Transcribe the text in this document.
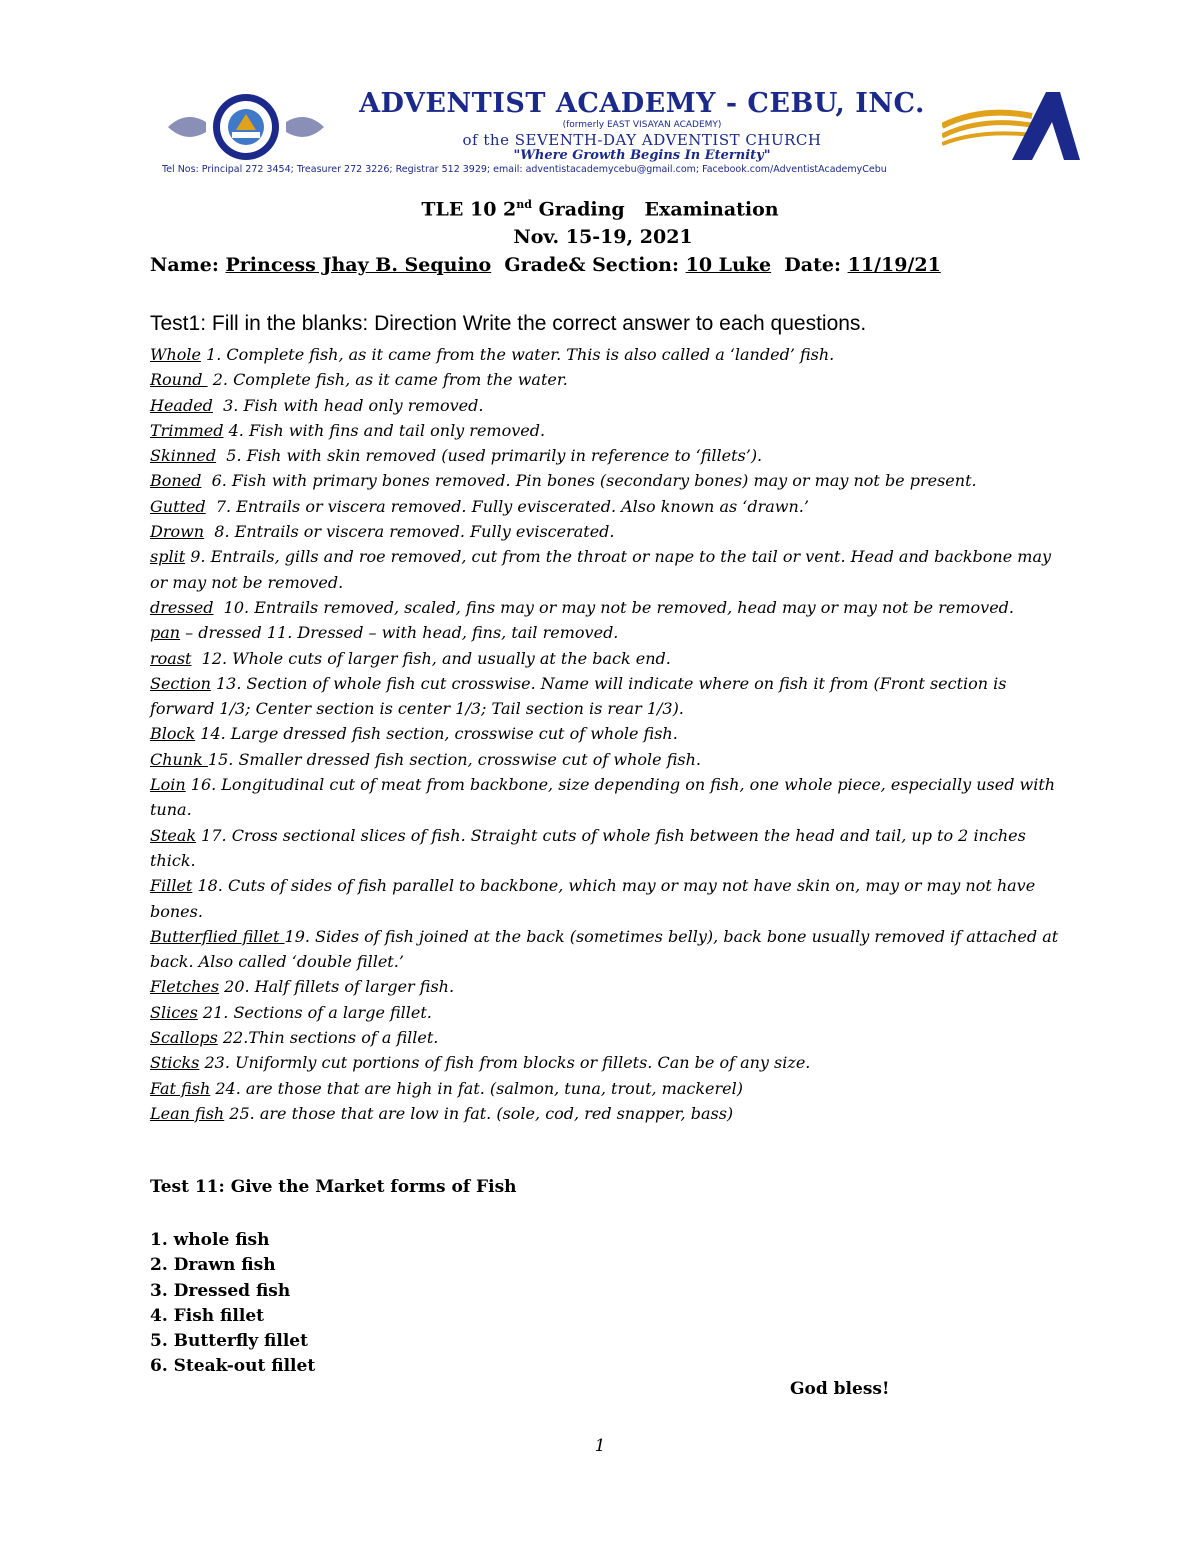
ADVENTIST ACADEMY - CEBU, INC.
(formerly EAST VISAYAN ACADEMY)
of the SEVENTH-DAY ADVENTIST CHURCH
"Where Growth Begins In Eternity"
Tel Nos: Principal 272 3454; Treasurer 272 3226; Registrar 512 3929; email: adventistacademycebu@gmail.com; Facebook.com/AdventistAcademyCebu
TLE 10 2nd Grading   Examination
Nov. 15-19, 2021
Name: Princess Jhay B. Sequino  Grade& Section: 10 Luke  Date: 11/19/21
Test1: Fill in the blanks: Direction Write the correct answer to each questions.
Whole 1. Complete fish, as it came from the water. This is also called a ‘landed’ fish.
Round  2. Complete fish, as it came from the water.
Headed  3. Fish with head only removed.
Trimmed 4. Fish with fins and tail only removed.
Skinned  5. Fish with skin removed (used primarily in reference to ‘fillets’).
Boned  6. Fish with primary bones removed. Pin bones (secondary bones) may or may not be present.
Gutted  7. Entrails or viscera removed. Fully eviscerated. Also known as ‘drawn.’
Drown  8. Entrails or viscera removed. Fully eviscerated.
split 9. Entrails, gills and roe removed, cut from the throat or nape to the tail or vent. Head and backbone may or may not be removed.
dressed  10. Entrails removed, scaled, fins may or may not be removed, head may or may not be removed.
pan – dressed 11. Dressed – with head, fins, tail removed.
roast  12. Whole cuts of larger fish, and usually at the back end.
Section 13. Section of whole fish cut crosswise. Name will indicate where on fish it from (Front section is forward 1/3; Center section is center 1/3; Tail section is rear 1/3).
Block 14. Large dressed fish section, crosswise cut of whole fish.
Chunk 15. Smaller dressed fish section, crosswise cut of whole fish.
Loin 16. Longitudinal cut of meat from backbone, size depending on fish, one whole piece, especially used with tuna.
Steak 17. Cross sectional slices of fish. Straight cuts of whole fish between the head and tail, up to 2 inches thick.
Fillet 18. Cuts of sides of fish parallel to backbone, which may or may not have skin on, may or may not have bones.
Butterflied fillet 19. Sides of fish joined at the back (sometimes belly), back bone usually removed if attached at back. Also called ‘double fillet.’
Fletches 20. Half fillets of larger fish.
Slices 21. Sections of a large fillet.
Scallops 22.Thin sections of a fillet.
Sticks 23. Uniformly cut portions of fish from blocks or fillets. Can be of any size.
Fat fish 24. are those that are high in fat. (salmon, tuna, trout, mackerel)
Lean fish 25. are those that are low in fat. (sole, cod, red snapper, bass)
Test 11: Give the Market forms of Fish
1. whole fish
2. Drawn fish
3. Dressed fish
4. Fish fillet
5. Butterfly fillet
6. Steak-out fillet
God bless!
1
